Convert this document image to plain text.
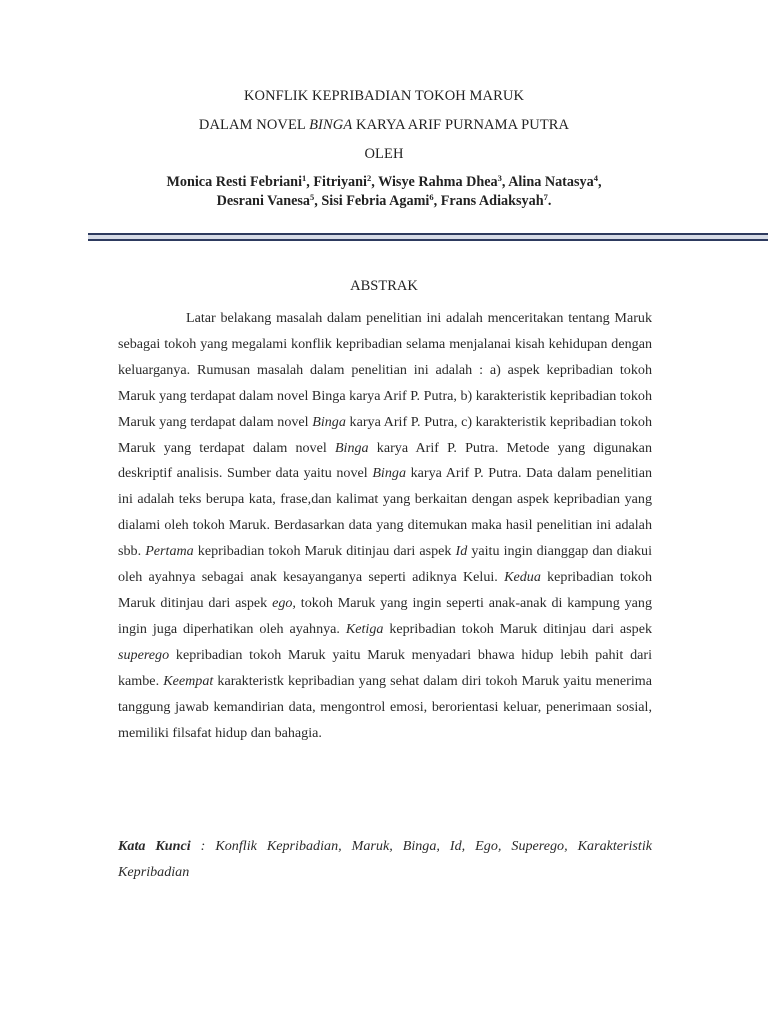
KONFLIK KEPRIBADIAN TOKOH MARUK
DALAM NOVEL BINGA KARYA ARIF PURNAMA PUTRA
OLEH
Monica Resti Febriani$^1$, Fitriyani$^2$, Wisye Rahma Dhea$^3$, Alina Natasya$^4$,
Desrani Vanesa$^5$, Sisi Febria Agami$^6$, Frans Adiaksyah$^7$.
ABSTRAK

Latar belakang masalah dalam penelitian ini adalah menceritakan tentang Maruk sebagai tokoh yang megalami konflik kepribadian selama menjalanai kisah kehidupan dengan keluarganya. Rumusan masalah dalam penelitian ini adalah : a) aspek kepribadian tokoh Maruk yang terdapat dalam novel Binga karya Arif P. Putra, b) karakteristik kepribadian tokoh Maruk yang terdapat dalam novel Binga karya Arif P. Putra, c) karakteristik kepribadian tokoh Maruk yang terdapat dalam novel Binga karya Arif P. Putra. Metode yang digunakan deskriptif analisis. Sumber data yaitu novel Binga karya Arif P. Putra. Data dalam penelitian ini adalah teks berupa kata, frase,dan kalimat yang berkaitan dengan aspek kepribadian yang dialami oleh tokoh Maruk. Berdasarkan data yang ditemukan maka hasil penelitian ini adalah sbb. Pertama kepribadian tokoh Maruk ditinjau dari aspek Id yaitu ingin dianggap dan diakui oleh ayahnya sebagai anak kesayanganya seperti adiknya Kelui. Kedua kepribadian tokoh Maruk ditinjau dari aspek ego, tokoh Maruk yang ingin seperti anak-anak di kampung yang ingin juga diperhatikan oleh ayahnya. Ketiga kepribadian tokoh Maruk ditinjau dari aspek superego kepribadian tokoh Maruk yaitu Maruk menyadari bhawa hidup lebih pahit dari kambe. Keempat karakteristk kepribadian yang sehat dalam diri tokoh Maruk yaitu menerima tanggung jawab kemandirian data, mengontrol emosi, berorientasi keluar, penerimaan sosial, memiliki filsafat hidup dan bahagia.

Kata Kunci : Konflik Kepribadian, Maruk, Binga, Id, Ego, Superego, Karakteristik Kepribadian
